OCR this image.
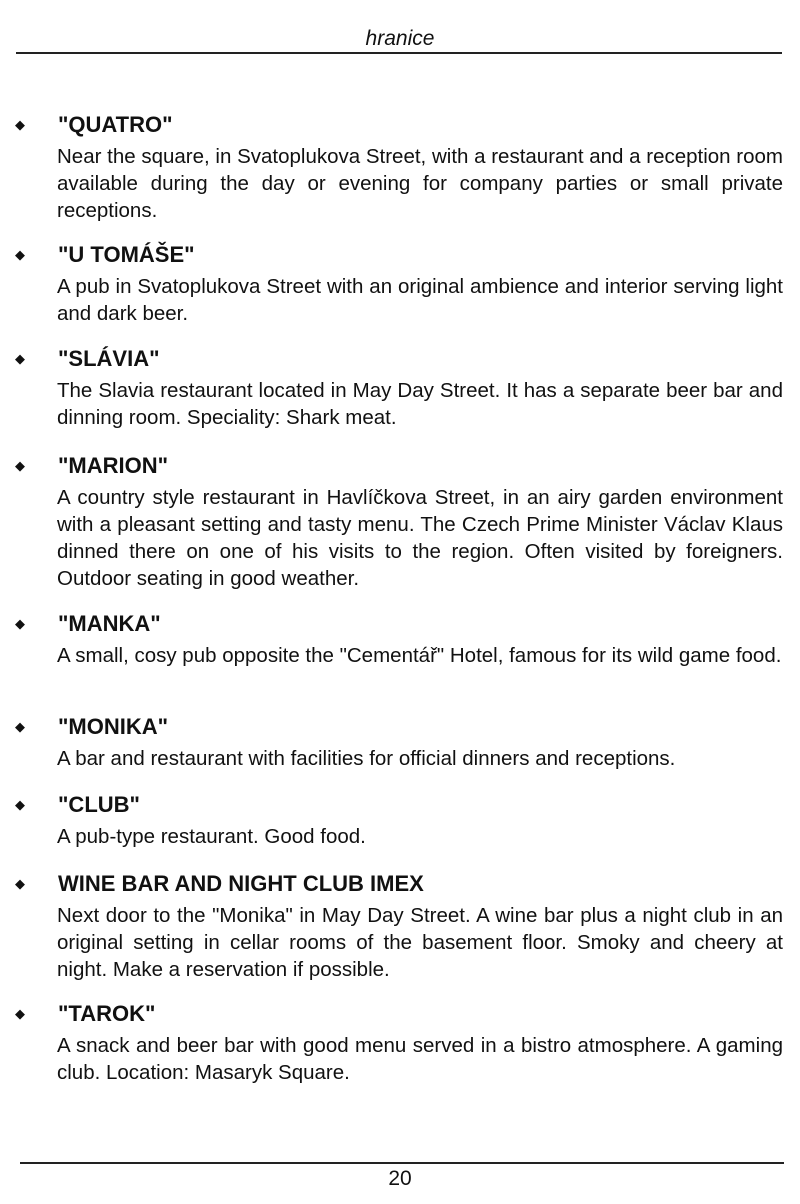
hranice
◆ "QUATRO"

Near the square, in Svatoplukova Street, with a restaurant and a reception room available during the day or evening for company parties or small private receptions.

◆ "U TOMÁŠE"

A pub in Svatoplukova Street with an original ambience and interior serving light and dark beer.

◆ "SLÁVIA"

The Slavia restaurant located in May Day Street. It has a separate beer bar and dinning room. Speciality: Shark meat.

◆ "MARION"

A country style restaurant in Havlíčkova Street, in an airy garden environment with a pleasant setting and tasty menu. The Czech Prime Minister Václav Klaus dinned there on one of his visits to the region. Often visited by foreigners. Outdoor seating in good weather.

◆ "MANKA"

A small, cosy pub opposite the "Cementář" Hotel, famous for its wild game food.

◆ "MONIKA"

A bar and restaurant with facilities for official dinners and receptions.

◆ "CLUB"

A pub-type restaurant. Good food.

◆ WINE BAR AND NIGHT CLUB IMEX

Next door to the "Monika" in May Day Street. A wine bar plus a night club in an original setting in cellar rooms of the basement floor. Smoky and cheery at night. Make a reservation if possible.

◆ "TAROK"

A snack and beer bar with good menu served in a bistro atmosphere. A gaming club. Location: Masaryk Square.

20
